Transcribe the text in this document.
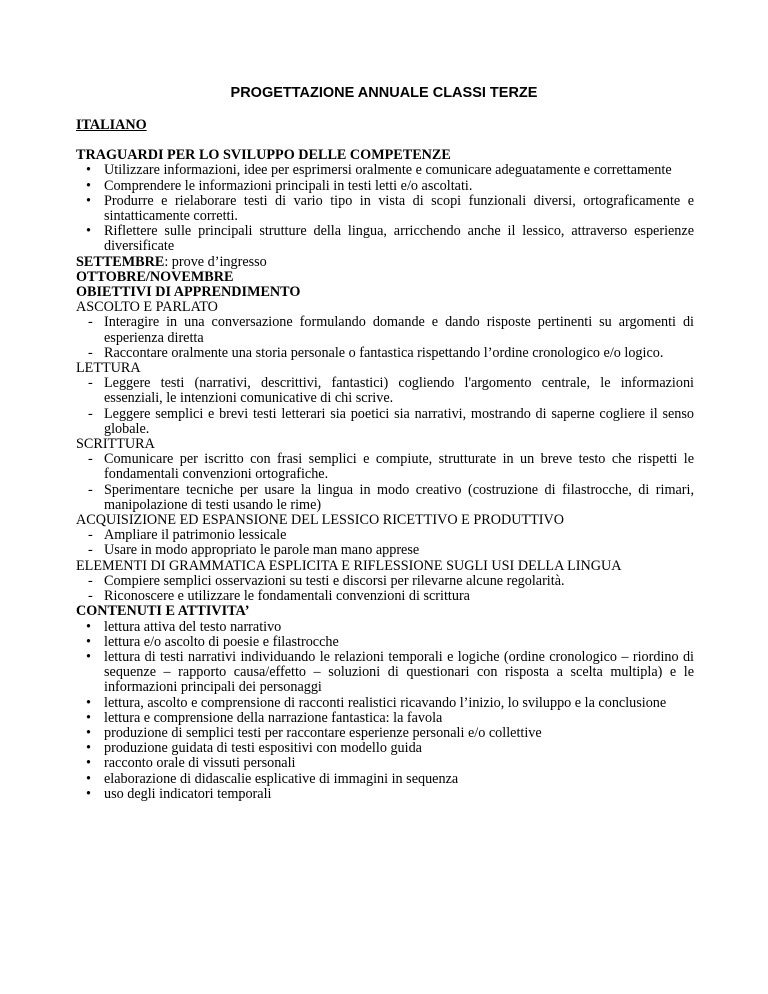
PROGETTAZIONE ANNUALE CLASSI TERZE

ITALIANO

TRAGUARDI PER LO SVILUPPO DELLE COMPETENZE

• Utilizzare informazioni, idee per esprimersi oralmente e comunicare adeguatamente e correttamente
• Comprendere le informazioni principali in testi letti e/o ascoltati.
• Produrre e rielaborare testi di vario tipo in vista di scopi funzionali diversi, ortograficamente e sintatticamente corretti.
• Riflettere sulle principali strutture della lingua, arricchendo anche il lessico, attraverso esperienze diversificate

SETTEMBRE: prove d’ingresso

OTTOBRE/NOVEMBRE

OBIETTIVI DI APPRENDIMENTO

ASCOLTO E PARLATO

- Interagire in una conversazione formulando domande e dando risposte pertinenti su argomenti di esperienza diretta
- Raccontare oralmente una storia personale o fantastica rispettando l’ordine cronologico e/o logico.

LETTURA

- Leggere testi (narrativi, descrittivi, fantastici) cogliendo l'argomento centrale, le informazioni essenziali, le intenzioni comunicative di chi scrive.
- Leggere semplici e brevi testi letterari sia poetici sia narrativi, mostrando di saperne cogliere il senso globale.

SCRITTURA

- Comunicare per iscritto con frasi semplici e compiute, strutturate in un breve testo che rispetti le fondamentali convenzioni ortografiche.
- Sperimentare tecniche per usare la lingua in modo creativo (costruzione di filastrocche, di rimari, manipolazione di testi usando le rime)

ACQUISIZIONE ED ESPANSIONE DEL LESSICO RICETTIVO E PRODUTTIVO

- Ampliare il patrimonio lessicale
- Usare in modo appropriato le parole man mano apprese

ELEMENTI DI GRAMMATICA ESPLICITA E RIFLESSIONE SUGLI USI DELLA LINGUA

- Compiere semplici osservazioni su testi e discorsi per rilevarne alcune regolarità.
- Riconoscere e utilizzare le fondamentali convenzioni di scrittura

CONTENUTI E ATTIVITA’

• lettura attiva del testo narrativo
• lettura e/o ascolto di poesie e filastrocche
• lettura di testi narrativi individuando le relazioni temporali e logiche (ordine cronologico – riordino di sequenze – rapporto causa/effetto – soluzioni di questionari con risposta a scelta multipla) e le informazioni principali dei personaggi
• lettura, ascolto e comprensione di racconti realistici ricavando l’inizio, lo sviluppo e la conclusione
• lettura e comprensione della narrazione fantastica: la favola
• produzione di semplici testi per raccontare esperienze personali e/o collettive
• produzione guidata di testi espositivi con modello guida
• racconto orale di vissuti personali
• elaborazione di didascalie esplicative di immagini in sequenza
• uso degli indicatori temporali
